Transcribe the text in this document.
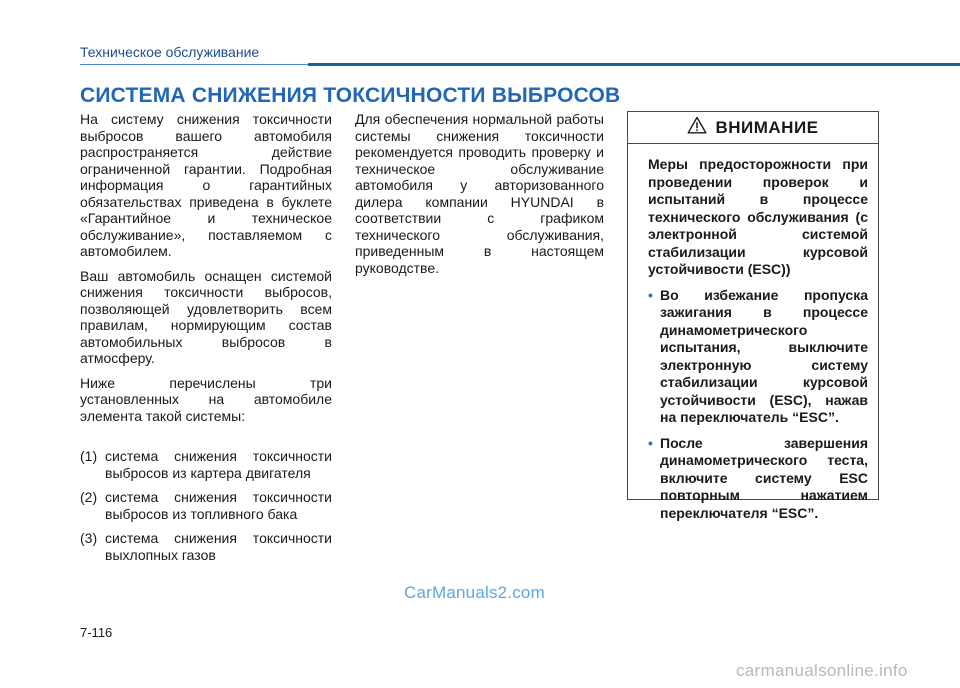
Техническое обслуживание
СИСТЕМА СНИЖЕНИЯ ТОКСИЧНОСТИ ВЫБРОСОВ

На систему снижения токсичности выбросов вашего автомобиля распространяется действие ограниченной гарантии. Подробная информация о гарантийных обязательствах приведена в буклете «Гарантийное и техническое обслуживание», поставляемом с автомобилем.

Ваш автомобиль оснащен системой снижения токсичности выбросов, позволяющей удовлетворить всем правилам, нормирующим состав автомобильных выбросов в атмосферу.

Ниже перечислены три установленных на автомобиле элемента такой системы:

(1) система снижения токсичности выбросов из картера двигателя
(2) система снижения токсичности выбросов из топливного бака
(3) система снижения токсичности выхлопных газов

Для обеспечения нормальной работы системы снижения токсичности рекомендуется проводить проверку и техническое обслуживание автомобиля у авторизованного дилера компании HYUNDAI в соответствии с графиком технического обслуживания, приведенным в настоящем руководстве.

ВНИМАНИЕ

Меры предосторожности при проведении проверок и испытаний в процессе технического обслуживания (с электронной системой стабилизации курсовой устойчивости (ESC))

• Во избежание пропуска зажигания в процессе динамометрического испытания, выключите электронную систему стабилизации курсовой устойчивости (ESC), нажав на переключатель “ESC”.
• После завершения динамометрического теста, включите систему ESC повторным нажатием переключателя “ESC”.
CarManuals2.com
7-116
carmanualsonline.info
